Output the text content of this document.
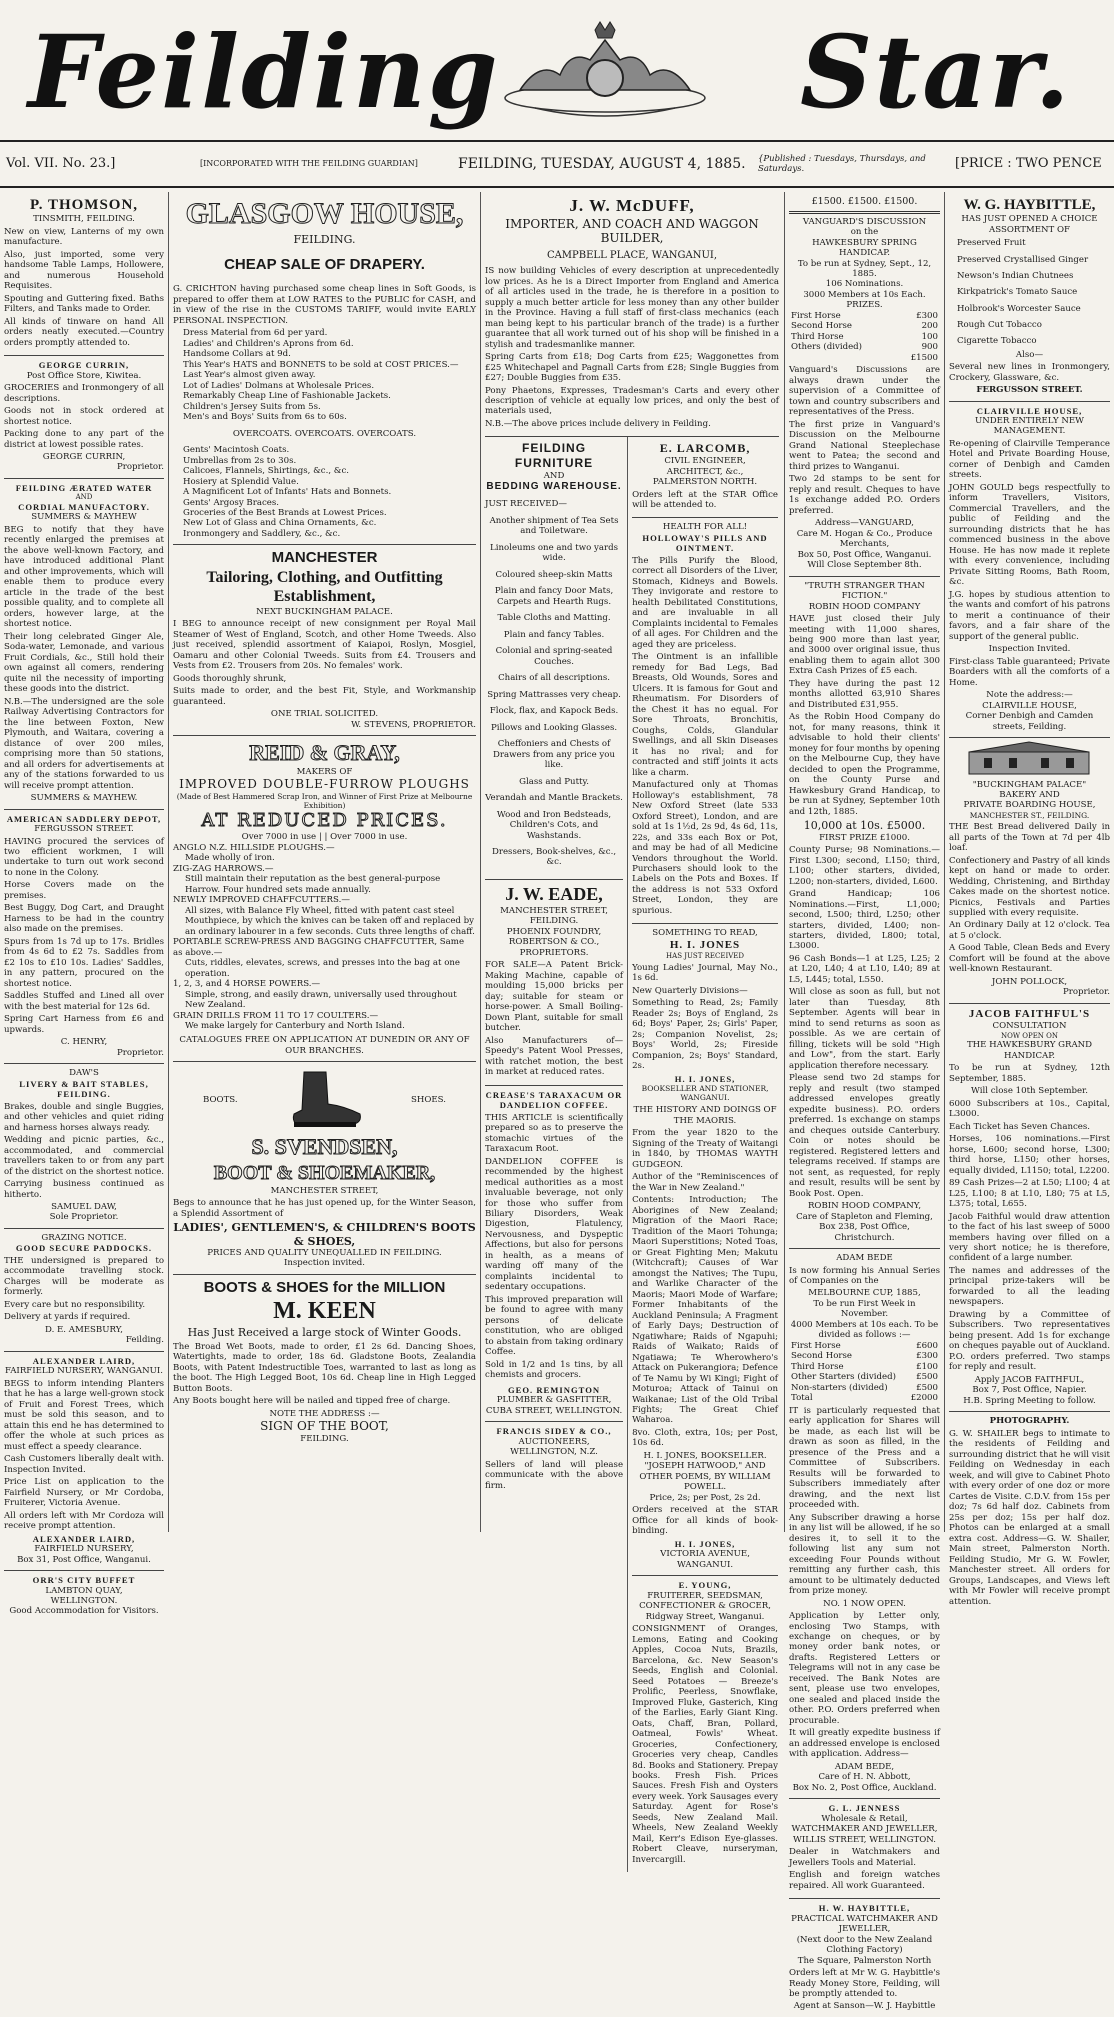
Feilding	Star.
Vol. VII. No. 23.]	[INCORPORATED WITH THE FEILDING GUARDIAN]	FEILDING, TUESDAY, AUGUST 4, 1885. {Published : Tuesdays, Thursdays, and Saturdays.	[PRICE : TWO PENCE
P. THOMSON,
TINSMITH, FEILDING.

New on view, Lanterns of my own manufacture.

Also, just imported, some very handsome Table Lamps, Hollowere, and numerous Household Requisites.

Spouting and Guttering fixed. Baths Filters, and Tanks made to Order.

All kinds of tinware on hand All orders neatly executed.—Country orders promptly attended to.

GEORGE CURRIN,
Post Office Store, Kiwitea.

GROCERIES and Ironmongery of all descriptions.

Goods not in stock ordered at shortest notice.

Packing done to any part of the district at lowest possible rates.

GEORGE CURRIN,
Proprietor.
FEILDING ÆRATED WATER
AND
CORDIAL MANUFACTORY.
SUMMERS & MAYHEW

BEG to notify that they have recently enlarged the premises at the above well-known Factory, and have introduced additional Plant and other improvements, which will enable them to produce every article in the trade of the best possible quality, and to complete all orders, however large, at the shortest notice.

Their long celebrated Ginger Ale, Soda-water, Lemonade, and various Fruit Cordials, &c., Still hold their own against all comers, rendering quite nil the necessity of importing these goods into the district.

N.B.—The undersigned are the sole Railway Advertising Contractors for the line between Foxton, New Plymouth, and Waitara, covering a distance of over 200 miles, comprising more than 50 stations, and all orders for advertisements at any of the stations forwarded to us will receive prompt attention.

SUMMERS & MAYHEW.
AMERICAN SADDLERY DEPOT,
FERGUSSON STREET.

HAVING procured the services of two efficient workmen, I will undertake to turn out work second to none in the Colony.

Horse Covers made on the premises.

Best Buggy, Dog Cart, and Draught Harness to be had in the country also made on the premises.

Spurs from 1s 7d up to 17s. Bridles from 4s 6d to £2 7s. Saddles from £2 10s to £10 10s. Ladies' Saddles, in any pattern, procured on the shortest notice.

Saddles Stuffed and Lined all over with the best material for 12s 6d.

Spring Cart Harness from £6 and upwards.

C. HENRY,
Proprietor.
DAW'S
LIVERY & BAIT STABLES, FEILDING.

Brakes, double and single Buggies, and other vehicles and quiet riding and harness horses always ready.

Wedding and picnic parties, &c., accommodated, and commercial travellers taken to or from any part of the district on the shortest notice.

Carrying business continued as hitherto.

SAMUEL DAW,
Sole Proprietor.
GRAZING NOTICE.
GOOD SECURE PADDOCKS.

THE undersigned is prepared to accommodate travelling stock. Charges will be moderate as formerly.

Every care but no responsibility.

Delivery at yards if required.

D. E. AMESBURY,
Feilding.
ALEXANDER LAIRD,
FAIRFIELD NURSERY, WANGANUI.

BEGS to inform intending Planters that he has a large well-grown stock of Fruit and Forest Trees, which must be sold this season, and to attain this end he has determined to offer the whole at such prices as must effect a speedy clearance.

Cash Customers liberally dealt with. Inspection Invited.

Price List on application to the Fairfield Nursery, or Mr Cordoba, Fruiterer, Victoria Avenue.

All orders left with Mr Cordoza will receive prompt attention.

ALEXANDER LAIRD,
FAIRFIELD NURSERY,
Box 31, Post Office, Wanganui.
ORR'S CITY BUFFET
LAMBTON QUAY,
WELLINGTON.
Good Accommodation for Visitors.
GLASGOW HOUSE,
FEILDING.
CHEAP SALE OF DRAPERY.

G. CRICHTON having purchased some cheap lines in Soft Goods, is prepared to offer them at LOW RATES to the PUBLIC for CASH, and in view of the rise in the CUSTOMS TARIFF, would invite EARLY PERSONAL INSPECTION.

Dress Material from 6d per yard.
Ladies' and Children's Aprons from 6d.
Handsome Collars at 9d.
This Year's HATS and BONNETS to be sold at COST PRICES.—
Last Year's almost given away.
Lot of Ladies' Dolmans at Wholesale Prices.
Remarkably Cheap Line of Fashionable Jackets.
Children's Jersey Suits from 5s.
Men's and Boys' Suits from 6s to 60s.
OVERCOATS. OVERCOATS. OVERCOATS.
Gents' Macintosh Coats.
Umbrellas from 2s to 30s.
Calicoes, Flannels, Shirtings, &c., &c.
Hosiery at Splendid Value.
A Magnificent Lot of Infants' Hats and Bonnets.
Gents' Argosy Braces.
Groceries of the Best Brands at Lowest Prices.
New Lot of Glass and China Ornaments, &c.
Ironmongery and Saddlery, &c., &c.
MANCHESTER
Tailoring, Clothing, and Outfitting Establishment,
NEXT BUCKINGHAM PALACE.

I BEG to announce receipt of new consignment per Royal Mail Steamer of West of England, Scotch, and other Home Tweeds. Also just received, splendid assortment of Kaiapoi, Roslyn, Mosgiel, Oamaru and other Colonial Tweeds. Suits from £4. Trousers and Vests from £2. Trousers from 20s. No females' work.

Goods thoroughly shrunk,

Suits made to order, and the best Fit, Style, and Workmanship guaranteed.

ONE TRIAL SOLICITED.
W. STEVENS, PROPRIETOR.
REID & GRAY,
MAKERS OF
IMPROVED DOUBLE-FURROW PLOUGHS
(Made of Best Hammered Scrap Iron, and Winner of First Prize at Melbourne Exhibition)
AT REDUCED PRICES.
Over 7000 in use | | Over 7000 in use.
ANGLO N.Z. HILLSIDE PLOUGHS.—
Made wholly of iron.
ZIG-ZAG HARROWS.—
Still maintain their reputation as the best general-purpose Harrow. Four hundred sets made annually.
NEWLY IMPROVED CHAFFCUTTERS.—
All sizes, with Balance Fly Wheel, fitted with patent cast steel Mouthpiece, by which the knives can be taken off and replaced by an ordinary labourer in a few seconds. Cuts three lengths of chaff.
PORTABLE SCREW-PRESS AND BAGGING CHAFFCUTTER, Same as above.—
Cuts, riddles, elevates, screws, and presses into the bag at one operation.
1, 2, 3, and 4 HORSE POWERS.—
Simple, strong, and easily drawn, universally used throughout New Zealand.
GRAIN DRILLS FROM 11 TO 17 COULTERS.—
We make largely for Canterbury and North Island.
CATALOGUES FREE ON APPLICATION AT DUNEDIN OR ANY OF OUR BRANCHES.
BOOTS.	SHOES.
S. SVENDSEN,
BOOT & SHOEMAKER,
MANCHESTER STREET,

Begs to announce that he has just opened up, for the Winter Season, a Splendid Assortment of

LADIES', GENTLEMEN'S, & CHILDREN'S BOOTS & SHOES,
PRICES AND QUALITY UNEQUALLED IN FEILDING.
Inspection invited.
BOOTS & SHOES for the MILLION
M. KEEN
Has Just Received a large stock of Winter Goods.

The Broad Wet Boots, made to order, £1 2s 6d. Dancing Shoes, Watertights, made to order, 18s 6d. Gladstone Boots, Zealandia Boots, with Patent Indestructible Toes, warranted to last as long as the boot. The High Legged Boot, 10s 6d. Cheap line in High Legged Button Boots.

Any Boots bought here will be nailed and tipped free of charge.

NOTE THE ADDRESS :—
SIGN OF THE BOOT,
FEILDING.
J. W. McDUFF,
IMPORTER, AND COACH AND WAGGON BUILDER,
CAMPBELL PLACE, WANGANUI,

IS now building Vehicles of every description at unprecedentedly low prices. As he is a Direct Importer from England and America of all articles used in the trade, he is therefore in a position to supply a much better article for less money than any other builder in the Province. Having a full staff of first-class mechanics (each man being kept to his particular branch of the trade) is a further guarantee that all work turned out of his shop will be finished in a stylish and tradesmanlike manner.

Spring Carts from £18; Dog Carts from £25; Waggonettes from £25 Whitechapel and Pagnall Carts from £28; Single Buggies from £27; Double Buggies from £35.

Pony Phaetons, Expresses, Tradesman's Carts and every other description of vehicle at equally low prices, and only the best of materials used,

N.B.—The above prices include delivery in Feilding.

FEILDING FURNITURE
AND
BEDDING WAREHOUSE.
JUST RECEIVED—
Another shipment of Tea Sets and Toiletware.
Linoleums one and two yards wide.
Coloured sheep-skin Matts
Plain and fancy Door Mats, Carpets and Hearth Rugs.
Table Cloths and Matting.
Plain and fancy Tables.
Colonial and spring-seated Couches.
Chairs of all descriptions.
Spring Mattrasses very cheap.
Flock, flax, and Kapock Beds.
Pillows and Looking Glasses.
Cheffoniers and Chests of Drawers from any price you like.
Glass and Putty.
Verandah and Mantle Brackets.
Wood and Iron Bedsteads, Children's Cots, and Washstands.
Dressers, Book-shelves, &c., &c.
J. W. EADE,
MANCHESTER STREET,
FEILDING.
PHOENIX FOUNDRY,
ROBERTSON & CO., PROPRIETORS.

FOR SALE—A Patent Brick-Making Machine, capable of moulding 15,000 bricks per day; suitable for steam or horse-power. A Small Boiling-Down Plant, suitable for small butcher.

Also Manufacturers of—Speedy's Patent Wool Presses, with ratchet motion, the best in market at reduced rates.

CREASE'S TARAXACUM OR DANDELION COFFEE.

THIS ARTICLE is scientifically prepared so as to preserve the stomachic virtues of the Taraxacum Root.

DANDELION COFFEE is recommended by the highest medical authorities as a most invaluable beverage, not only for those who suffer from Biliary Disorders, Weak Digestion, Flatulency, Nervousness, and Dyspeptic Affections, but also for persons in health, as a means of warding off many of the complaints incidental to sedentary occupations.

This improved preparation will be found to agree with many persons of delicate constitution, who are obliged to abstain from taking ordinary Coffee.

Sold in 1/2 and 1s tins, by all chemists and grocers.

GEO. REMINGTON
PLUMBER & GASFITTER,
CUBA STREET, WELLINGTON.
FRANCIS SIDEY & CO.,
AUCTIONEERS,
WELLINGTON, N.Z.

Sellers of land will please communicate with the above firm.

E. LARCOMB,
CIVIL ENGINEER,
ARCHITECT, &c.,
PALMERSTON NORTH.

Orders left at the STAR Office will be attended to.

HEALTH FOR ALL!
HOLLOWAY'S PILLS AND OINTMENT.

The Pills Purify the Blood, correct all Disorders of the Liver, Stomach, Kidneys and Bowels. They invigorate and restore to health Debilitated Constitutions, and are invaluable in all Complaints incidental to Females of all ages. For Children and the aged they are priceless.

The Ointment is an infallible remedy for Bad Legs, Bad Breasts, Old Wounds, Sores and Ulcers. It is famous for Gout and Rheumatism. For Disorders of the Chest it has no equal. For Sore Throats, Bronchitis, Coughs, Colds, Glandular Swellings, and all Skin Diseases it has no rival; and for contracted and stiff joints it acts like a charm.

Manufactured only at Thomas Holloway's establishment, 78 New Oxford Street (late 533 Oxford Street), London, and are sold at 1s 1½d, 2s 9d, 4s 6d, 11s, 22s, and 33s each Box or Pot, and may be had of all Medicine Vendors throughout the World. Purchasers should look to the Labels on the Pots and Boxes. If the address is not 533 Oxford Street, London, they are spurious.

SOMETHING TO READ,
H. I. JONES
HAS JUST RECEIVED

Young Ladies' Journal, May No., 1s 6d.

New Quarterly Divisions—

Something to Read, 2s; Family Reader 2s; Boys of England, 2s 6d; Boys' Paper, 2s; Girls' Paper, 2s; Companion Novelist, 2s; Boys' World, 2s; Fireside Companion, 2s; Boys' Standard, 2s.

H. I. JONES,
BOOKSELLER AND STATIONER, WANGANUI.
THE HISTORY AND DOINGS OF THE MAORIS.

From the year 1820 to the Signing of the Treaty of Waitangi in 1840, by THOMAS WAYTH GUDGEON.

Author of the "Reminiscences of the War in New Zealand."

Contents: Introduction; The Aborigines of New Zealand; Migration of the Maori Race; Tradition of the Maori Tohunga; Maori Superstitions; Noted Toas, or Great Fighting Men; Makutu (Witchcraft); Causes of War amongst the Natives; The Tupu, and Warlike Character of the Maoris; Maori Mode of Warfare; Former Inhabitants of the Auckland Peninsula; A Fragment of Early Days; Destruction of Ngatiwhare; Raids of Ngapuhi; Raids of Waikato; Raids of Ngatiawa; Te Wherowhero's Attack on Pukerangiora; Defence of Te Namu by Wi Kingi; Fight of Moturoa; Attack of Tainui on Waikanae; List of the Old Tribal Fights; The Great Chief Waharoa.

8vo. Cloth, extra, 10s; per Post, 10s 6d.

H. I. JONES, BOOKSELLER.
"JOSEPH HATWOOD," AND OTHER POEMS, BY WILLIAM POWELL.
Price, 2s; per Post, 2s 2d.

Orders received at the STAR Office for all kinds of book-binding.

H. I. JONES,
VICTORIA AVENUE, WANGANUI.
E. YOUNG,
FRUITERER, SEEDSMAN, CONFECTIONER & GROCER,
Ridgway Street, Wanganui.

CONSIGNMENT of Oranges, Lemons, Eating and Cooking Apples, Cocoa Nuts, Brazils, Barcelona, &c. New Season's Seeds, English and Colonial. Seed Potatoes — Breeze's Prolific, Peerless, Snowflake, Improved Fluke, Gasterich, King of the Earlies, Early Giant King. Oats, Chaff, Bran, Pollard, Oatmeal, Fowls' Wheat. Groceries, Confectionery, Groceries very cheap, Candles 8d. Books and Stationery. Prepay books. Fresh Fish. Prices Sauces. Fresh Fish and Oysters every week. York Sausages every Saturday. Agent for Rose's Seeds, New Zealand Mail. Wheels, New Zealand Weekly Mail, Kerr's Edison Eye-glasses. Robert Cleave, nurseryman, Invercargill.

£1500. £1500. £1500.
VANGUARD'S DISCUSSION
on the
HAWKESBURY SPRING HANDICAP.
To be run at Sydney, Sept., 12, 1885.
106 Nominations.
3000 Members at 10s Each.
PRIZES.
First Horse	£300
Second Horse	200
Third Horse	100
Others (divided)	900
	£1500

Vanguard's Discussions are always drawn under the supervision of a Committee of town and country subscribers and representatives of the Press.

The first prize in Vanguard's Discussion on the Melbourne Grand National Steeplechase went to Patea; the second and third prizes to Wanganui.

Two 2d stamps to be sent for reply and result. Cheques to have 1s exchange added P.O. Orders preferred.

Address—VANGUARD,
Care M. Hogan & Co., Produce Merchants,
Box 50, Post Office, Wanganui.
Will Close September 8th.
"TRUTH STRANGER THAN FICTION."
ROBIN HOOD COMPANY

HAVE just closed their July meeting with 11,000 shares, being 900 more than last year, and 3000 over original issue, thus enabling them to again allot 300 Extra Cash Prizes of £5 each.

They have during the past 12 months allotted 63,910 Shares and Distributed £31,955.

As the Robin Hood Company do not, for many reasons, think it advisable to hold their clients' money for four months by opening on the Melbourne Cup, they have decided to open the Programme, on the County Purse and Hawkesbury Grand Handicap, to be run at Sydney, September 10th and 12th, 1885.

10,000 at 10s. £5000.
FIRST PRIZE £1000.

County Purse; 98 Nominations.—First L300; second, L150; third, L100; other starters, divided, L200; non-starters, divided, L600.

Grand Handicap; 106 Nominations.—First, L1,000; second, L500; third, L250; other starters, divided, L400; non-starters, divided, L800; total, L3000.

96 Cash Bonds—1 at L25, L25; 2 at L20, L40; 4 at L10, L40; 89 at L5, L445; total, L550.

Will close as soon as full, but not later than Tuesday, 8th September. Agents will bear in mind to send returns as soon as possible. As we are certain of filling, tickets will be sold "High and Low", from the start. Early application therefore necessary.

Please send two 2d stamps for reply and result (two stamped addressed envelopes greatly expedite business). P.O. orders preferred. 1s exchange on stamps and cheques outside Canterbury. Coin or notes should be registered. Registered letters and telegrams received. If stamps are not sent, as requested, for reply and result, results will be sent by Book Post. Open.

ROBIN HOOD COMPANY,
Care of Stapleton and Fleming,
Box 238, Post Office, Christchurch.
ADAM BEDE

Is now forming his Annual Series of Companies on the

MELBOURNE CUP, 1885,
To be run First Week in November.
4000 Members at 10s each. To be divided as follows :—
First Horse	£600
Second Horse	£300
Third Horse	£100
Other Starters (divided)	£500
Non-starters (divided)	£500
Total	£2000

IT is particularly requested that early application for Shares will be made, as each list will be drawn as soon as filled, in the presence of the Press and a Committee of Subscribers. Results will be forwarded to Subscribers immediately after drawing, and the next list proceeded with.

Any Subscriber drawing a horse in any list will be allowed, if he so desires it, to sell it to the following list any sum not exceeding Four Pounds without remitting any further cash, this amount to be ultimately deducted from prize money.

NO. 1 NOW OPEN.

Application by Letter only, enclosing Two Stamps, with exchange on cheques, or by money order bank notes, or drafts. Registered Letters or Telegrams will not in any case be received. The Bank Notes are sent, please use two envelopes, one sealed and placed inside the other. P.O. Orders preferred when procurable.

It will greatly expedite business if an addressed envelope is enclosed with application. Address—

ADAM BEDE,
Care of H. N. Abbott,
Box No. 2, Post Office, Auckland.
G. L. JENNESS
Wholesale & Retail,
WATCHMAKER AND JEWELLER,
WILLIS STREET, WELLINGTON.

Dealer in Watchmakers and Jewellers Tools and Material.

English and foreign watches repaired. All work Guaranteed.

H. W. HAYBITTLE,
PRACTICAL WATCHMAKER AND JEWELLER,
(Next door to the New Zealand Clothing Factory)
The Square, Palmerston North

Orders left at Mr W. G. Haybittle's Ready Money Store, Feilding, will be promptly attended to.

Agent at Sanson—W. J. Haybittle
W. G. HAYBITTLE,
HAS JUST OPENED A CHOICE
ASSORTMENT OF
Preserved Fruit
Preserved Crystallised Ginger
Newson's Indian Chutnees
Kirkpatrick's Tomato Sauce
Holbrook's Worcester Sauce
Rough Cut Tobacco
Cigarette Tobacco
Also—

Several new lines in Ironmongery, Crockery, Glassware, &c.

FERGUSSON STREET.
CLAIRVILLE HOUSE,
UNDER ENTIRELY NEW MANAGEMENT.

Re-opening of Clairville Temperance Hotel and Private Boarding House, corner of Denbigh and Camden streets.

JOHN GOULD begs respectfully to inform Travellers, Visitors, Commercial Travellers, and the public of Feilding and the surrounding districts that he has commenced business in the above House. He has now made it replete with every convenience, including Private Sitting Rooms, Bath Room, &c.

J.G. hopes by studious attention to the wants and comfort of his patrons to merit a continuance of their favors, and a fair share of the support of the general public.

Inspection Invited.

First-class Table guaranteed; Private Boarders with all the comforts of a Home.

Note the address:—
CLAIRVILLE HOUSE,
Corner Denbigh and Camden streets, Feilding.
"BUCKINGHAM PALACE"
BAKERY AND
PRIVATE BOARDING HOUSE,
MANCHESTER ST., FEILDING.

THE Best Bread delivered Daily in all parts of the Town at 7d per 4lb loaf.

Confectionery and Pastry of all kinds kept on hand or made to order. Wedding, Christening, and Birthday Cakes made on the shortest notice. Picnics, Festivals and Parties supplied with every requisite.

An Ordinary Daily at 12 o'clock. Tea at 5 o'clock.

A Good Table, Clean Beds and Every Comfort will be found at the above well-known Restaurant.

JOHN POLLOCK,
Proprietor.
JACOB FAITHFUL'S
CONSULTATION
NOW OPEN ON
THE HAWKESBURY GRAND HANDICAP.

To be run at Sydney, 12th September, 1885.

Will close 10th September.

6000 Subscribers at 10s., Capital, L3000.

Each Ticket has Seven Chances.

Horses, 106 nominations.—First horse, L600; second horse, L300; third horse, L150; other horses, equally divided, L1150; total, L2200.

89 Cash Prizes—2 at L50; L100; 4 at L25, L100; 8 at L10, L80; 75 at L5, L375; total, L655.

Jacob Faithful would draw attention to the fact of his last sweep of 5000 members having over filled on a very short notice; he is therefore, confident of a large number.

The names and addresses of the principal prize-takers will be forwarded to all the leading newspapers.

Drawing by a Committee of Subscribers. Two representatives being present. Add 1s for exchange on cheques payable out of Auckland. P.O. orders preferred. Two stamps for reply and result.

Apply JACOB FAITHFUL,
Box 7, Post Office, Napier.
H.B. Spring Meeting to follow.
PHOTOGRAPHY.

G. W. SHAILER begs to intimate to the residents of Feilding and surrounding district that he will visit Feilding on Wednesday in each week, and will give to Cabinet Photo with every order of one doz or more Cartes de Visite. C.D.V. from 15s per doz; 7s 6d half doz. Cabinets from 25s per doz; 15s per half doz. Photos can be enlarged at a small extra cost. Address—G. W. Shailer, Main street, Palmerston North. Feilding Studio, Mr G. W. Fowler, Manchester street. All orders for Groups, Landscapes, and Views left with Mr Fowler will receive prompt attention.
